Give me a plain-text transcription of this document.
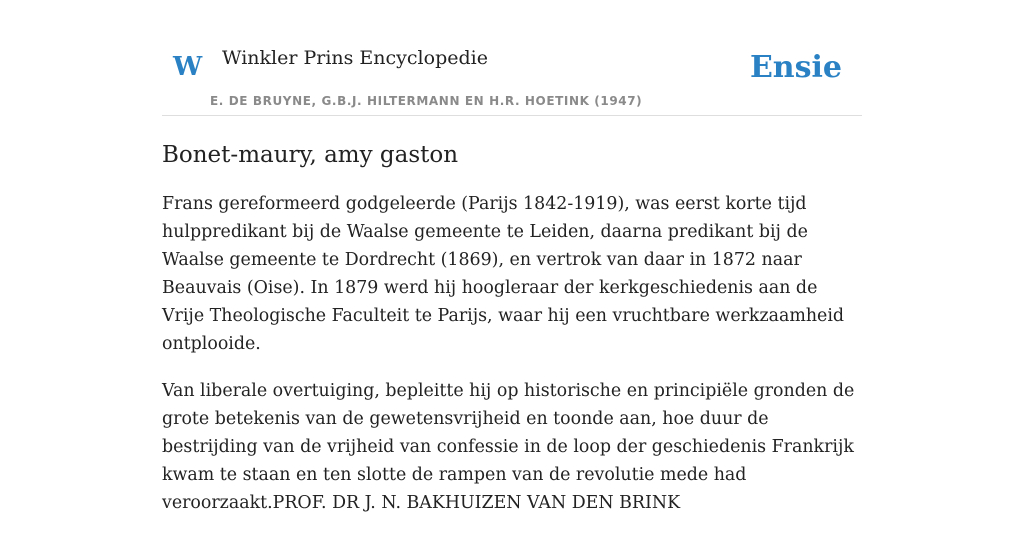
W Winkler Prins Encyclopedie
E. DE BRUYNE, G.B.J. HILTERMANN EN H.R. HOETINK (1947)
Ensie
Bonet-maury, amy gaston

Frans gereformeerd godgeleerde (Parijs 1842-1919), was eerst korte tijd hulppredikant bij de Waalse gemeente te Leiden, daarna predikant bij de Waalse gemeente te Dordrecht (1869), en vertrok van daar in 1872 naar Beauvais (Oise). In 1879 werd hij hoogleraar der kerkgeschiedenis aan de Vrije Theologische Faculteit te Parijs, waar hij een vruchtbare werkzaamheid ontplooide.

Van liberale overtuiging, bepleitte hij op historische en principiële gronden de grote betekenis van de gewetensvrijheid en toonde aan, hoe duur de bestrijding van de vrijheid van confessie in de loop der geschiedenis Frankrijk kwam te staan en ten slotte de rampen van de revolutie mede had veroorzaakt.PROF. DR J. N. BAKHUIZEN VAN DEN BRINK
